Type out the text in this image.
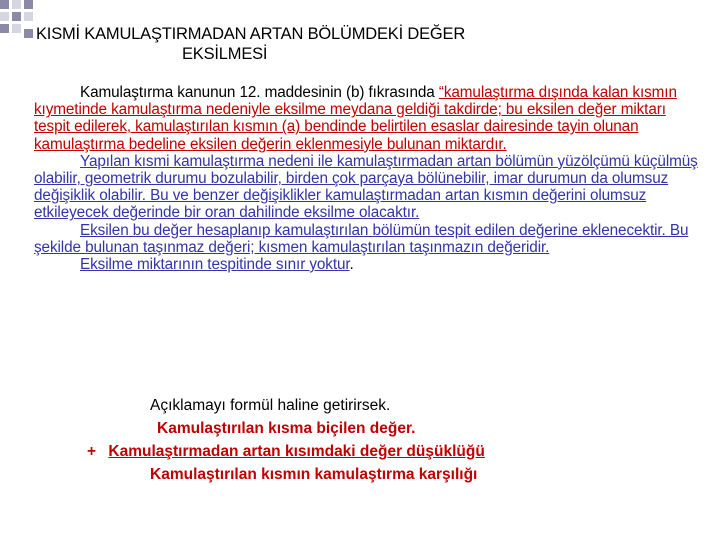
KISMİ KAMULAŞTIRMADAN ARTAN BÖLÜMDEKİ DEĞER
EKSİLMESİ

Kamulaştırma kanunun 12. maddesinin (b) fıkrasında “kamulaştırma dışında kalan kısmın kıymetinde kamulaştırma nedeniyle eksilme meydana geldiği takdirde; bu eksilen değer miktarı tespit edilerek, kamulaştırılan kısmın (a) bendinde belirtilen esaslar dairesinde tayin olunan kamulaştırma bedeline eksilen değerin eklenmesiyle bulunan miktardır.

Yapılan kısmi kamulaştırma nedeni ile kamulaştırmadan artan bölümün yüzölçümü küçülmüş olabilir, geometrik durumu bozulabilir, birden çok parçaya bölünebilir, imar durumun da olumsuz değişiklik olabilir. Bu ve benzer değişiklikler kamulaştırmadan artan kısmın değerini olumsuz etkileyecek değerinde bir oran dahilinde eksilme olacaktır.

Eksilen bu değer hesaplanıp kamulaştırılan bölümün tespit edilen değerine eklenecektir. Bu şekilde bulunan taşınmaz değeri; kısmen kamulaştırılan taşınmazın değeridir.

Eksilme miktarının tespitinde sınır yoktur.

Açıklamayı formül haline getirirsek.
Kamulaştırılan kısma biçilen değer.
+ Kamulaştırmadan artan kısımdaki değer düşüklüğü
Kamulaştırılan kısmın kamulaştırma karşılığı
